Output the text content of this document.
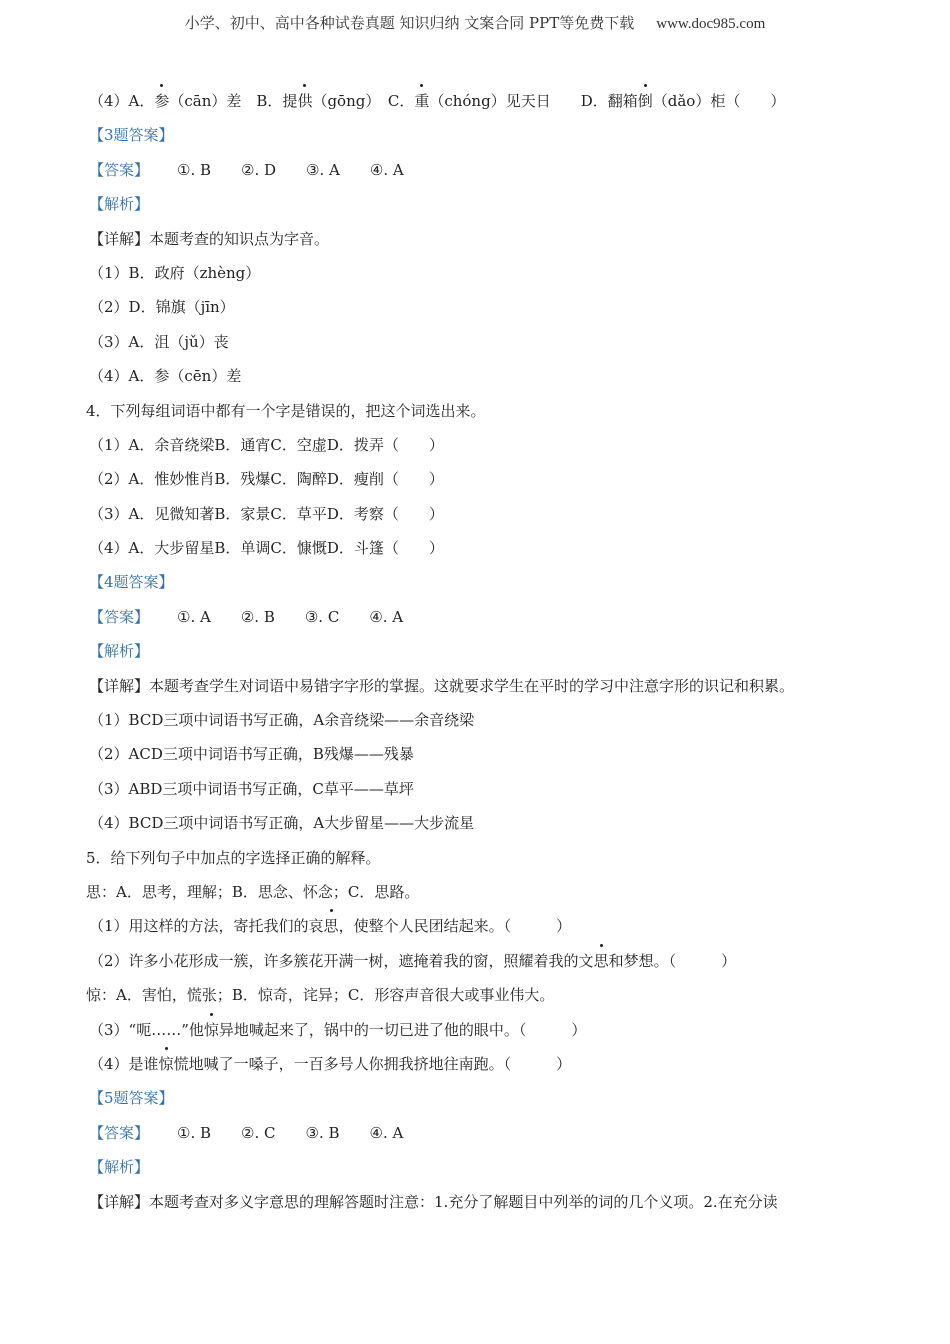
小学、初中、高中各种试卷真题 知识归纳 文案合同 PPT等免费下载 www.doc985.com
（4）A．参（cān）差　B．提供（gōng）　C．重（chóng）见天日　　D．翻箱倒（dǎo）柜（　　）
【3题答案】
【答案】 ①. B ②. D ③. A ④. A
【解析】
【详解】本题考查的知识点为字音。
（1）B．政府（zhèng）
（2）D．锦旗（jīn）
（3）A．沮（jǔ）丧
（4）A．参（cēn）差
4．下列每组词语中都有一个字是错误的，把这个词选出来。
（1）A．余音绕梁B．通宵C．空虚D．拨弄（　　）
（2）A．惟妙惟肖B．残爆C．陶醉D．瘦削（　　）
（3）A．见微知著B．家景C．草平D．考察（　　）
（4）A．大步留星B．单调C．慷慨D．斗篷（　　）
【4题答案】
【答案】 ①. A ②. B ③. C ④. A
【解析】
【详解】本题考查学生对词语中易错字字形的掌握。这就要求学生在平时的学习中注意字形的识记和积累。
（1）BCD三项中词语书写正确，A余音绕梁——余音绕梁
（2）ACD三项中词语书写正确，B残爆——残暴
（3）ABD三项中词语书写正确，C草平——草坪
（4）BCD三项中词语书写正确，A大步留星——大步流星
5．给下列句子中加点的字选择正确的解释。
思：A．思考，理解；B．思念、怀念；C．思路。
（1）用这样的方法，寄托我们的哀思，使整个人民团结起来。（　　　）
（2）许多小花形成一簇，许多簇花开满一树，遮掩着我的窗，照耀着我的文思和梦想。（　　　）
惊：A．害怕，慌张；B．惊奇，诧异；C．形容声音很大或事业伟大。
（3）“呃……”他惊异地喊起来了，锅中的一切已进了他的眼中。（　　　）
（4）是谁惊慌地喊了一嗓子，一百多号人你拥我挤地往南跑。（　　　）
【5题答案】
【答案】 ①. B ②. C ③. B ④. A
【解析】
【详解】本题考查对多义字意思的理解答题时注意：1.充分了解题目中列举的词的几个义项。2.在充分读
